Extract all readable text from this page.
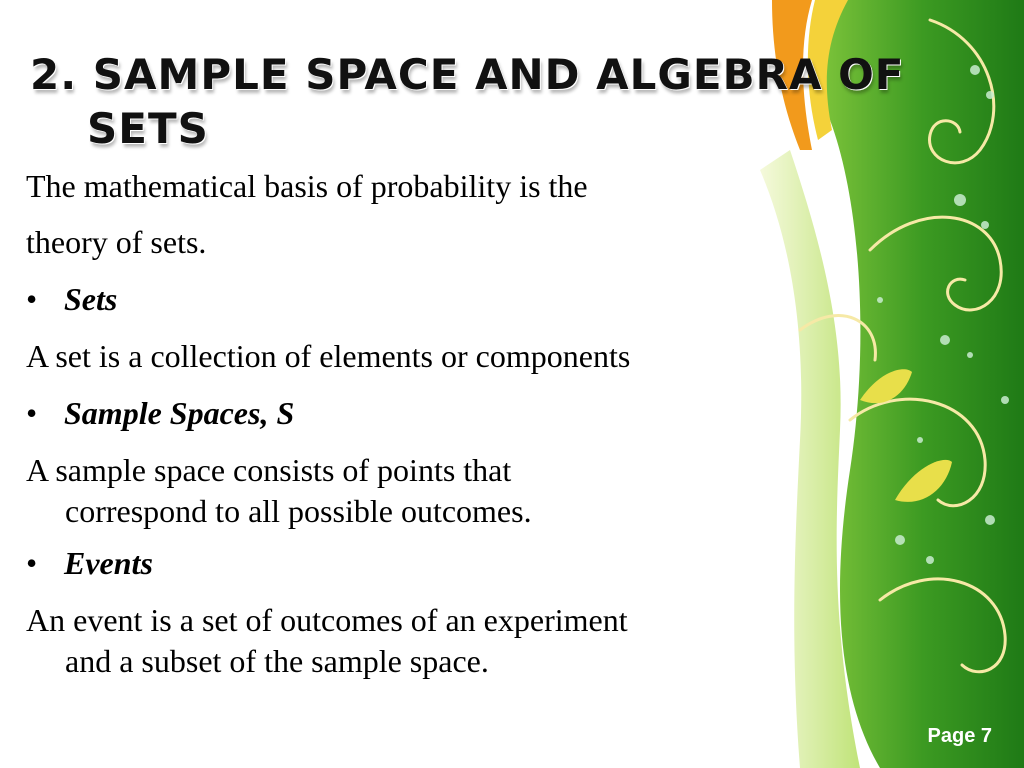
2. SAMPLE SPACE AND ALGEBRA OF
SETS

The mathematical basis of probability is the
theory of sets.

• Sets

A set is a collection of elements or components

• Sample Spaces, S

A sample space consists of points that
correspond to all possible outcomes.

• Events

An event is a set of outcomes of an experiment
and a subset of the sample space.

Page 7
